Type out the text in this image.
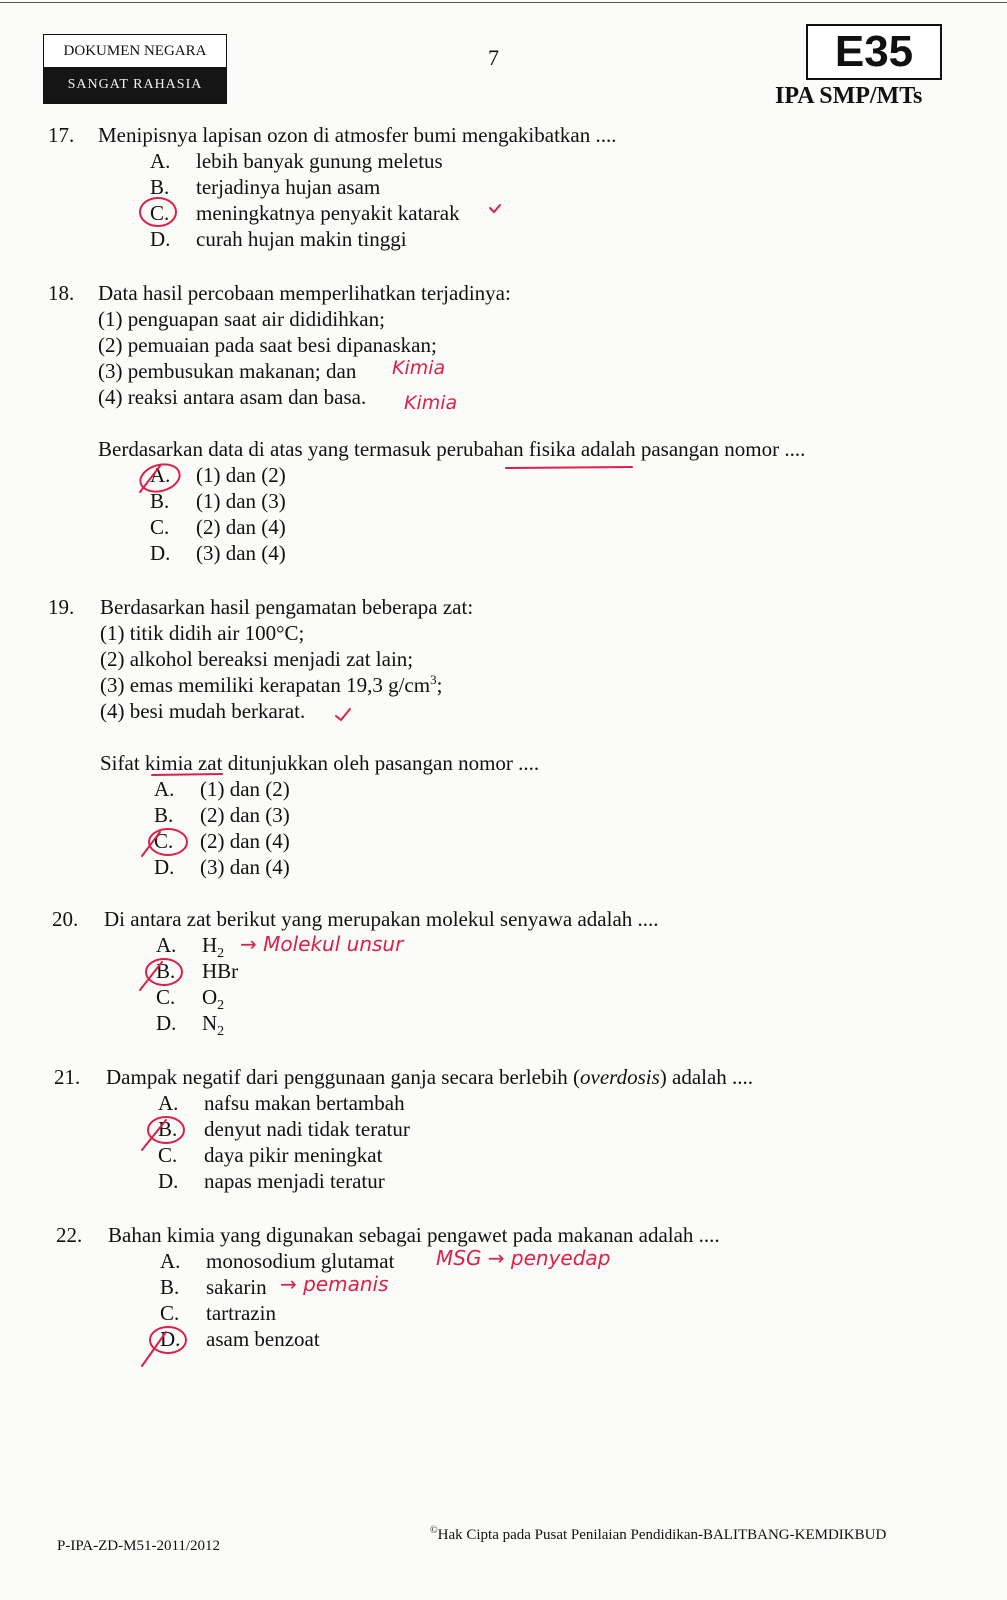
DOKUMEN NEGARA
SANGAT RAHASIA
7	E35
IPA SMP/MTs
17. Menipisnya lapisan ozon di atmosfer bumi mengakibatkan ....
A. lebih banyak gunung meletus
B. terjadinya hujan asam
C. meningkatnya penyakit katarak
D. curah hujan makin tinggi
18. Data hasil percobaan memperlihatkan terjadinya:
(1) penguapan saat air dididihkan;
(2) pemuaian pada saat besi dipanaskan;
(3) pembusukan makanan; dan
(4) reaksi antara asam dan basa.
Berdasarkan data di atas yang termasuk perubahan fisika adalah pasangan nomor ....
A. (1) dan (2)
B. (1) dan (3)
C. (2) dan (4)
D. (3) dan (4)
19. Berdasarkan hasil pengamatan beberapa zat:
(1) titik didih air 100°C;
(2) alkohol bereaksi menjadi zat lain;
(3) emas memiliki kerapatan 19,3 $g/cm^3$;
(4) besi mudah berkarat.
Sifat kimia zat ditunjukkan oleh pasangan nomor ....
A. (1) dan (2)
B. (2) dan (3)
C. (2) dan (4)
D. (3) dan (4)
20. Di antara zat berikut yang merupakan molekul senyawa adalah ....
A. $H_2$
B. HBr
C. $O_2$
D. $N_2$
21. Dampak negatif dari penggunaan ganja secara berlebih (overdosis) adalah ....
A. nafsu makan bertambah
B. denyut nadi tidak teratur
C. daya pikir meningkat
D. napas menjadi teratur
22. Bahan kimia yang digunakan sebagai pengawet pada makanan adalah ....
A. monosodium glutamat
B. sakarin
C. tartrazin
D. asam benzoat
Kimia
Kimia
→ Molekul unsur
MSG → penyedap
→ pemanis
P-IPA-ZD-M51-2011/2012
©Hak Cipta pada Pusat Penilaian Pendidikan-BALITBANG-KEMDIKBUD
